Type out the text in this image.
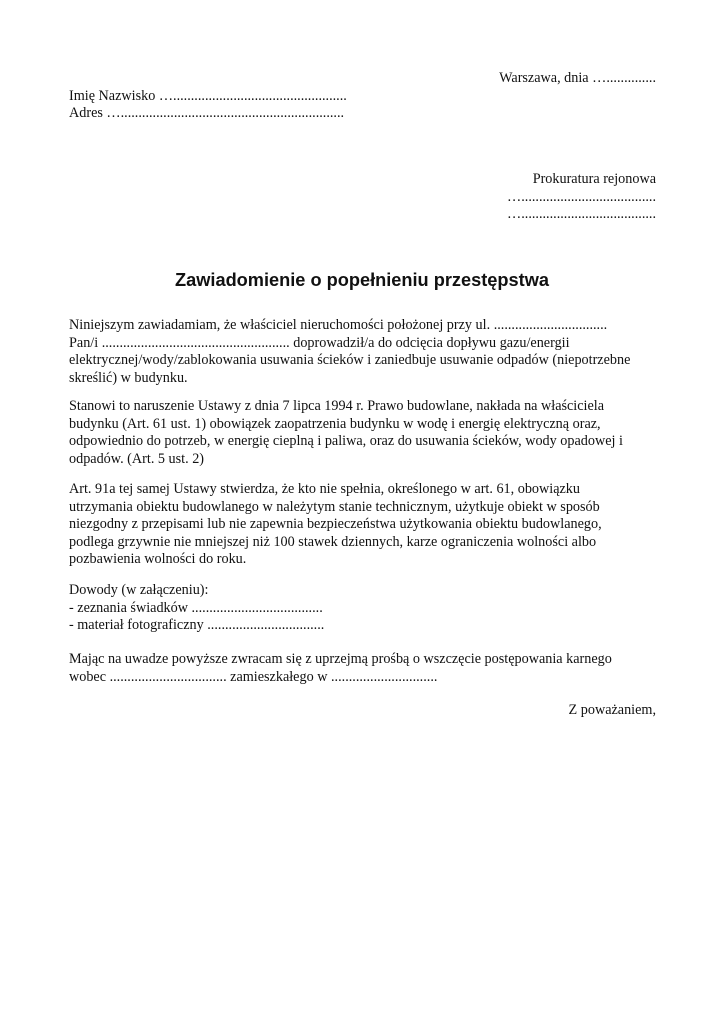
Warszawa, dnia …..............
Imię Nazwisko ….................................................
Adres …...............................................................
Prokuratura rejonowa
…......................................
…......................................
Zawiadomienie o popełnieniu przestępstwa
Niniejszym zawiadamiam, że właściciel nieruchomości położonej przy ul. ................................
Pan/i ..................................................... doprowadził/a do odcięcia dopływu gazu/energii
elektrycznej/wody/zablokowania usuwania ścieków i zaniedbuje usuwanie odpadów (niepotrzebne
skreślić) w budynku.
Stanowi to naruszenie Ustawy z dnia 7 lipca 1994 r. Prawo budowlane, nakłada na właściciela
budynku (Art. 61 ust. 1) obowiązek zaopatrzenia budynku w wodę i energię elektryczną oraz,
odpowiednio do potrzeb, w energię cieplną i paliwa, oraz do usuwania ścieków, wody opadowej i
odpadów. (Art. 5 ust. 2)
Art. 91a tej samej Ustawy stwierdza, że kto nie spełnia, określonego w art. 61, obowiązku
utrzymania obiektu budowlanego w należytym stanie technicznym, użytkuje obiekt w sposób
niezgodny z przepisami lub nie zapewnia bezpieczeństwa użytkowania obiektu budowlanego,
podlega grzywnie nie mniejszej niż 100 stawek dziennych, karze ograniczenia wolności albo
pozbawienia wolności do roku.
Dowody (w załączeniu):
- zeznania świadków .....................................
- materiał fotograficzny .................................
Mając na uwadze powyższe zwracam się z uprzejmą prośbą o wszczęcie postępowania karnego
wobec ................................. zamieszkałego w ..............................
Z poważaniem,
